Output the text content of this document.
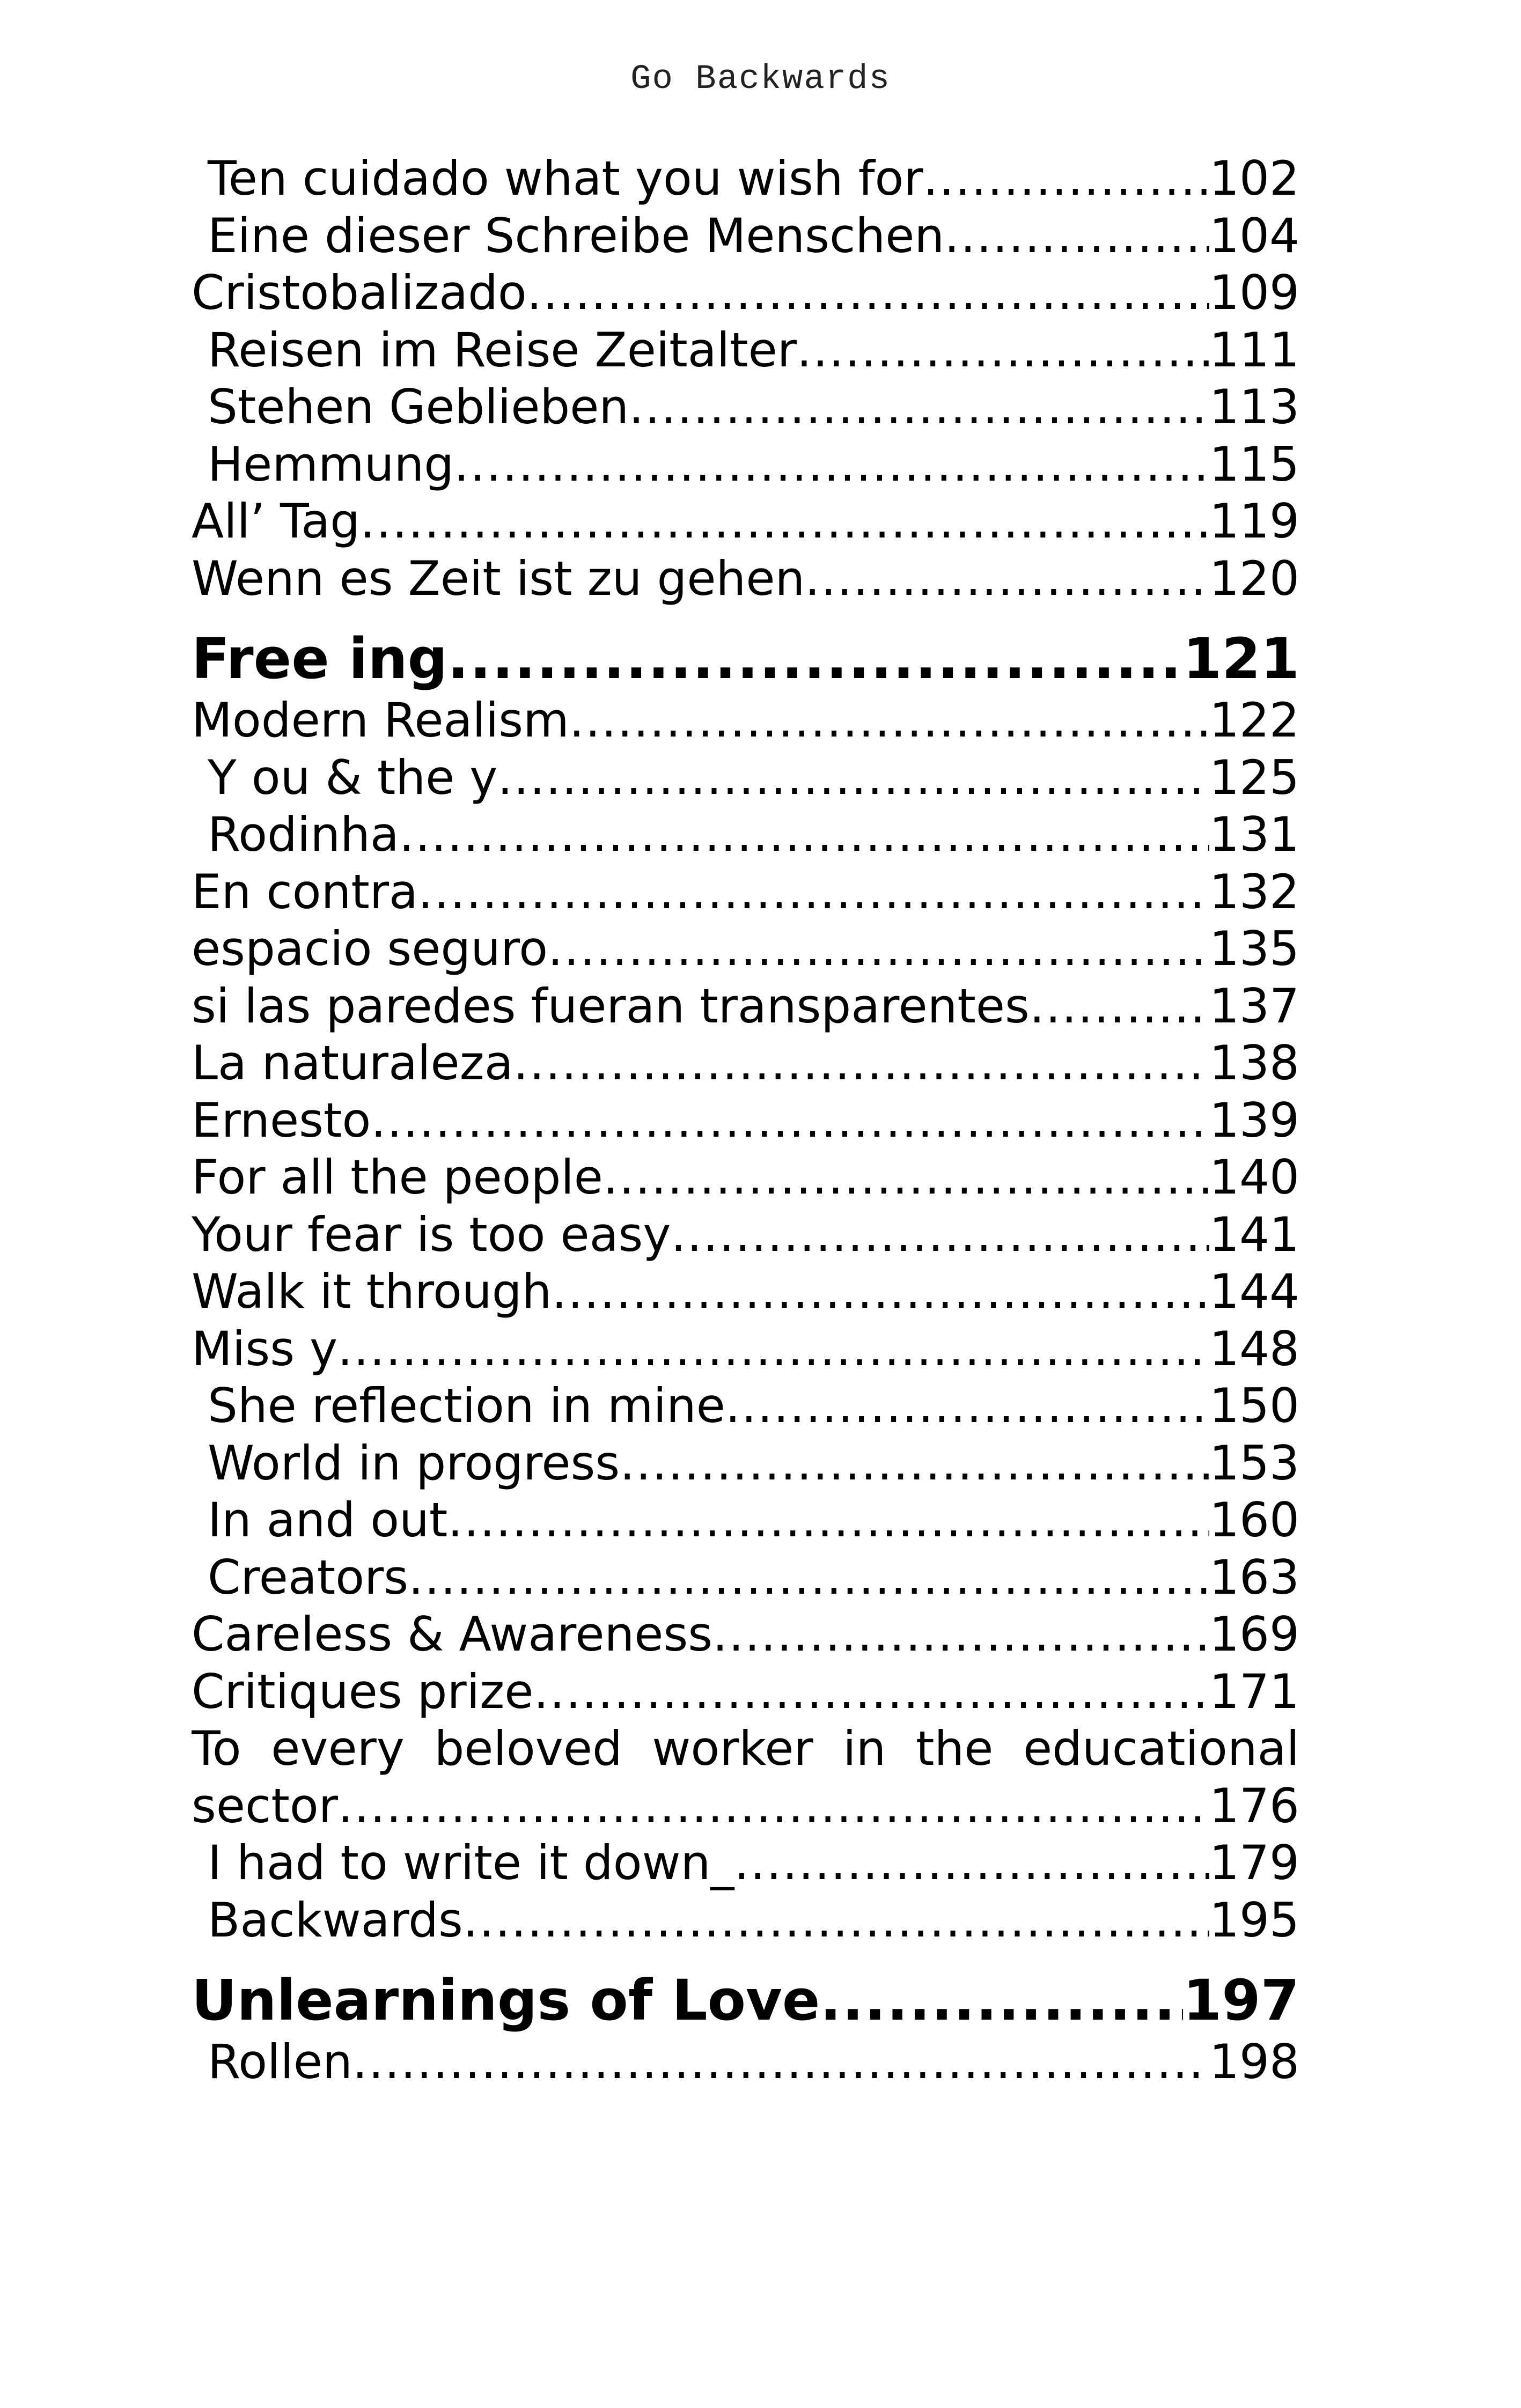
Go Backwards
Ten cuidado what you wish for .....	102
Eine dieser Schreibe Menschen .....	104
Cristobalizado .....	109
Reisen im Reise Zeitalter .....	111
Stehen Geblieben .....	113
Hemmung .....	115
All’ Tag .....	119
Wenn es Zeit ist zu gehen .....	120
Free ing .....	121
Modern Realism .....	122
Y ou & the y .....	125
Rodinha .....	131
En contra .....	132
espacio seguro .....	135
si las paredes fueran transparentes .....	137
La naturaleza .....	138
Ernesto .....	139
For all the people .....	140
Your fear is too easy .....	141
Walk it through .....	144
Miss y .....	148
She reflection in mine .....	150
World in progress .....	153
In and out .....	160
Creators .....	163
Careless & Awareness .....	169
Critiques prize .....	171
To every beloved worker in the educational
sector .....	176
I had to write it down_ .....	179
Backwards .....	195
Unlearnings of Love .....	197
Rollen .....	198
